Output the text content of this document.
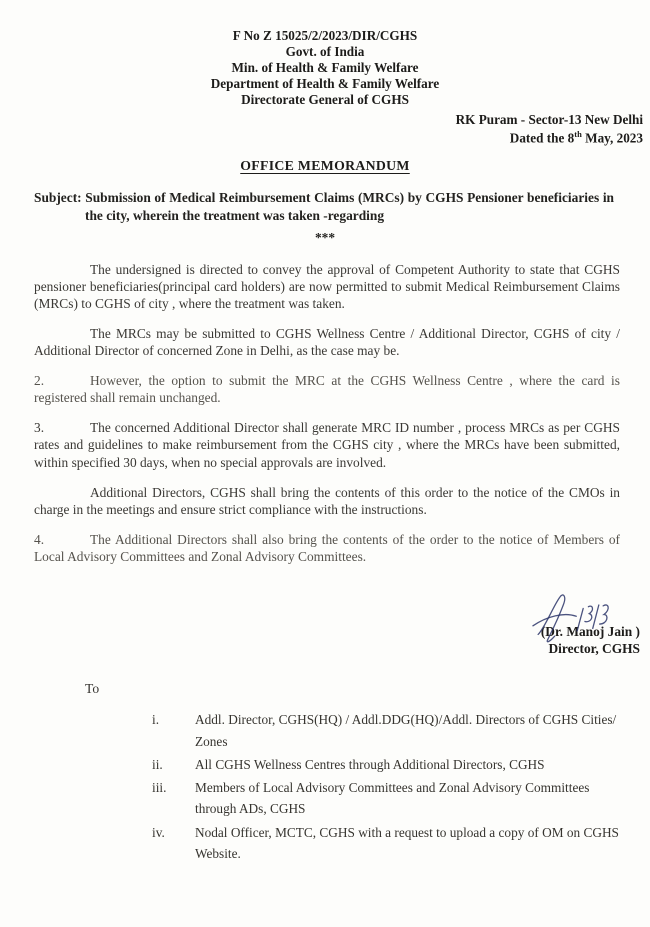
F No Z 15025/2/2023/DIR/CGHS
Govt. of India
Min. of Health & Family Welfare
Department of Health & Family Welfare
Directorate General of CGHS
RK Puram - Sector-13 New Delhi
Dated the 8th May, 2023
OFFICE MEMORANDUM
Subject: Submission of Medical Reimbursement Claims (MRCs) by CGHS Pensioner beneficiaries in the city, wherein the treatment was taken -regarding
***

The undersigned is directed to convey the approval of Competent Authority to state that CGHS pensioner beneficiaries(principal card holders) are now permitted to submit Medical Reimbursement Claims (MRCs) to CGHS of city , where the treatment was taken.

The MRCs may be submitted to CGHS Wellness Centre / Additional Director, CGHS of city / Additional Director of concerned Zone in Delhi, as the case may be.

2.	However, the option to submit the MRC at the CGHS Wellness Centre , where the card is registered shall remain unchanged.

3.	The concerned Additional Director shall generate MRC ID number , process MRCs as per CGHS rates and guidelines to make reimbursement from the CGHS city , where the MRCs have been submitted, within specified 30 days, when no special approvals are involved.

Additional Directors, CGHS shall bring the contents of this order to the notice of the CMOs in charge in the meetings and ensure strict compliance with the instructions.

4.	The Additional Directors shall also bring the contents of the order to the notice of Members of Local Advisory Committees and Zonal Advisory Committees.

(Dr. Manoj Jain )
Director, CGHS
To
i.	Addl. Director, CGHS(HQ) / Addl.DDG(HQ)/Addl. Directors of CGHS Cities/ Zones
ii.	All CGHS Wellness Centres through Additional Directors, CGHS
iii.	Members of Local Advisory Committees and Zonal Advisory Committees through ADs, CGHS
iv.	Nodal Officer, MCTC, CGHS with a request to upload a copy of OM on CGHS Website.
